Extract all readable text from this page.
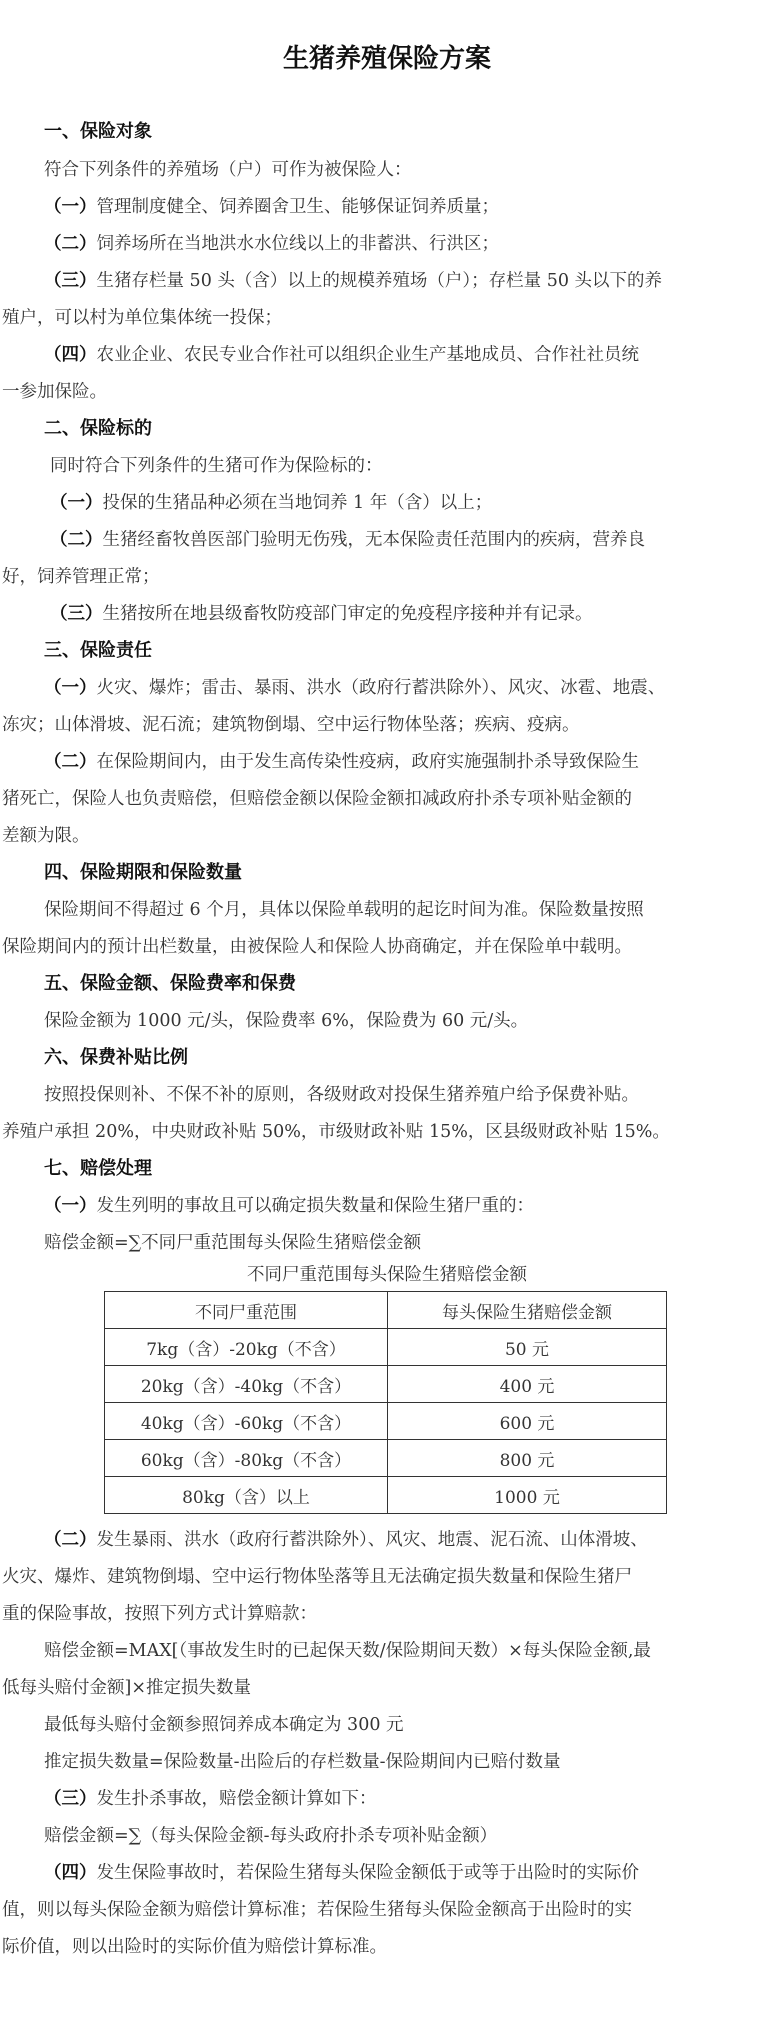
生猪养殖保险方案
一、保险对象
符合下列条件的养殖场（户）可作为被保险人：
（一）管理制度健全、饲养圈舍卫生、能够保证饲养质量；
（二）饲养场所在当地洪水水位线以上的非蓄洪、行洪区；
（三）生猪存栏量 50 头（含）以上的规模养殖场（户）；存栏量 50 头以下的养
殖户，可以村为单位集体统一投保；
（四）农业企业、农民专业合作社可以组织企业生产基地成员、合作社社员统
一参加保险。
二、保险标的
同时符合下列条件的生猪可作为保险标的：
（一）投保的生猪品种必须在当地饲养 1 年（含）以上；
（二）生猪经畜牧兽医部门验明无伤残，无本保险责任范围内的疾病，营养良
好，饲养管理正常；
（三）生猪按所在地县级畜牧防疫部门审定的免疫程序接种并有记录。
三、保险责任
（一）火灾、爆炸；雷击、暴雨、洪水（政府行蓄洪除外）、风灾、冰雹、地震、
冻灾；山体滑坡、泥石流；建筑物倒塌、空中运行物体坠落；疾病、疫病。
（二）在保险期间内，由于发生高传染性疫病，政府实施强制扑杀导致保险生
猪死亡，保险人也负责赔偿，但赔偿金额以保险金额扣减政府扑杀专项补贴金额的
差额为限。
四、保险期限和保险数量
保险期间不得超过 6 个月，具体以保险单载明的起讫时间为准。保险数量按照
保险期间内的预计出栏数量，由被保险人和保险人协商确定，并在保险单中载明。
五、保险金额、保险费率和保费
保险金额为 1000 元/头，保险费率 6%，保险费为 60 元/头。
六、保费补贴比例
按照投保则补、不保不补的原则，各级财政对投保生猪养殖户给予保费补贴。
养殖户承担 20%，中央财政补贴 50%，市级财政补贴 15%，区县级财政补贴 15%。
七、赔偿处理
（一）发生列明的事故且可以确定损失数量和保险生猪尸重的：
赔偿金额=∑不同尸重范围每头保险生猪赔偿金额
不同尸重范围每头保险生猪赔偿金额
不同尸重范围	每头保险生猪赔偿金额
7kg（含）-20kg（不含）	50 元
20kg（含）-40kg（不含）	400 元
40kg（含）-60kg（不含）	600 元
60kg（含）-80kg（不含）	800 元
80kg（含）以上	1000 元
（二）发生暴雨、洪水（政府行蓄洪除外）、风灾、地震、泥石流、山体滑坡、
火灾、爆炸、建筑物倒塌、空中运行物体坠落等且无法确定损失数量和保险生猪尸
重的保险事故，按照下列方式计算赔款：
赔偿金额=MAX[（事故发生时的已起保天数/保险期间天数）×每头保险金额,最
低每头赔付金额]×推定损失数量
最低每头赔付金额参照饲养成本确定为 300 元
推定损失数量=保险数量-出险后的存栏数量-保险期间内已赔付数量
（三）发生扑杀事故，赔偿金额计算如下：
赔偿金额=∑（每头保险金额-每头政府扑杀专项补贴金额）
（四）发生保险事故时，若保险生猪每头保险金额低于或等于出险时的实际价
值，则以每头保险金额为赔偿计算标准；若保险生猪每头保险金额高于出险时的实
际价值，则以出险时的实际价值为赔偿计算标准。
